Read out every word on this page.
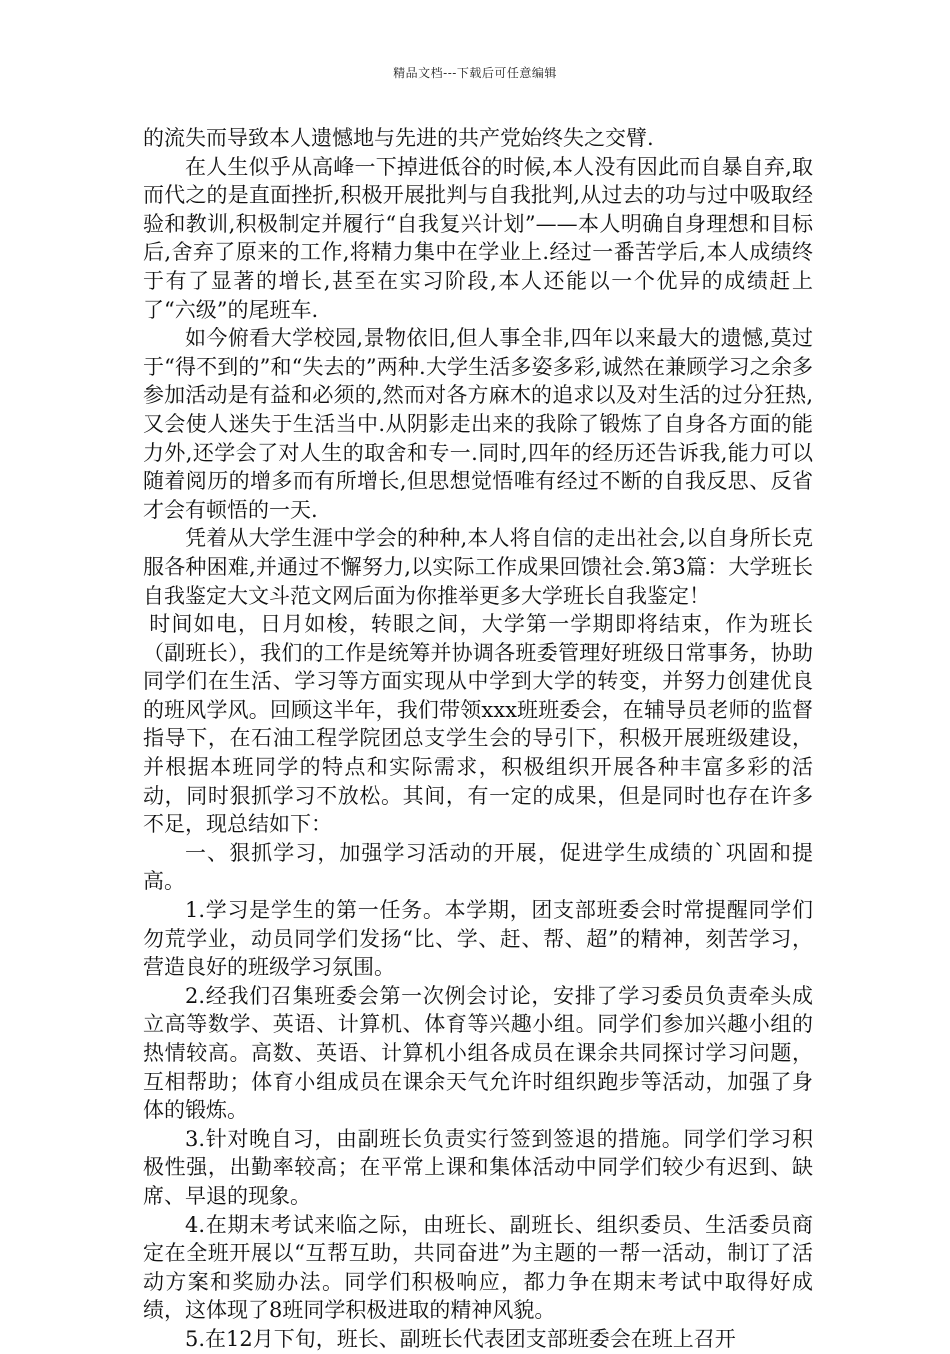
精品文档---下载后可任意编辑

的流失而导致本人遗憾地与先进的共产党始终失之交臂.

在人生似乎从高峰一下掉进低谷的时候,本人没有因此而自暴自弃,取而代之的是直面挫折,积极开展批判与自我批判,从过去的功与过中吸取经验和教训,积极制定并履行“自我复兴计划”——本人明确自身理想和目标后,舍弃了原来的工作,将精力集中在学业上.经过一番苦学后,本人成绩终于有了显著的增长,甚至在实习阶段,本人还能以一个优异的成绩赶上了“六级”的尾班车.

如今俯看大学校园,景物依旧,但人事全非,四年以来最大的遗憾,莫过于“得不到的”和“失去的”两种.大学生活多姿多彩,诚然在兼顾学习之余多参加活动是有益和必须的,然而对各方麻木的追求以及对生活的过分狂热,又会使人迷失于生活当中.从阴影走出来的我除了锻炼了自身各方面的能力外,还学会了对人生的取舍和专一.同时,四年的经历还告诉我,能力可以随着阅历的增多而有所增长,但思想觉悟唯有经过不断的自我反思、反省才会有顿悟的一天.

凭着从大学生涯中学会的种种,本人将自信的走出社会,以自身所长克服各种困难,并通过不懈努力,以实际工作成果回馈社会.第3篇：大学班长自我鉴定大文斗范文网后面为你推举更多大学班长自我鉴定！

时间如电，日月如梭，转眼之间，大学第一学期即将结束，作为班长（副班长），我们的工作是统筹并协调各班委管理好班级日常事务，协助同学们在生活、学习等方面实现从中学到大学的转变，并努力创建优良的班风学风。回顾这半年，我们带领xxx班班委会，在辅导员老师的监督指导下，在石油工程学院团总支学生会的导引下，积极开展班级建设，并根据本班同学的特点和实际需求，积极组织开展各种丰富多彩的活动，同时狠抓学习不放松。其间，有一定的成果，但是同时也存在许多不足，现总结如下：

一、狠抓学习，加强学习活动的开展，促进学生成绩的`巩固和提高。

1.学习是学生的第一任务。本学期，团支部班委会时常提醒同学们勿荒学业，动员同学们发扬“比、学、赶、帮、超”的精神，刻苦学习，营造良好的班级学习氛围。

2.经我们召集班委会第一次例会讨论，安排了学习委员负责牵头成立高等数学、英语、计算机、体育等兴趣小组。同学们参加兴趣小组的热情较高。高数、英语、计算机小组各成员在课余共同探讨学习问题，互相帮助；体育小组成员在课余天气允许时组织跑步等活动，加强了身体的锻炼。

3.针对晚自习，由副班长负责实行签到签退的措施。同学们学习积极性强，出勤率较高；在平常上课和集体活动中同学们较少有迟到、缺席、早退的现象。

4.在期末考试来临之际，由班长、副班长、组织委员、生活委员商定在全班开展以“互帮互助，共同奋进”为主题的一帮一活动，制订了活动方案和奖励办法。同学们积极响应，都力争在期末考试中取得好成绩，这体现了8班同学积极进取的精神风貌。

5.在12月下旬，班长、副班长代表团支部班委会在班上召开
